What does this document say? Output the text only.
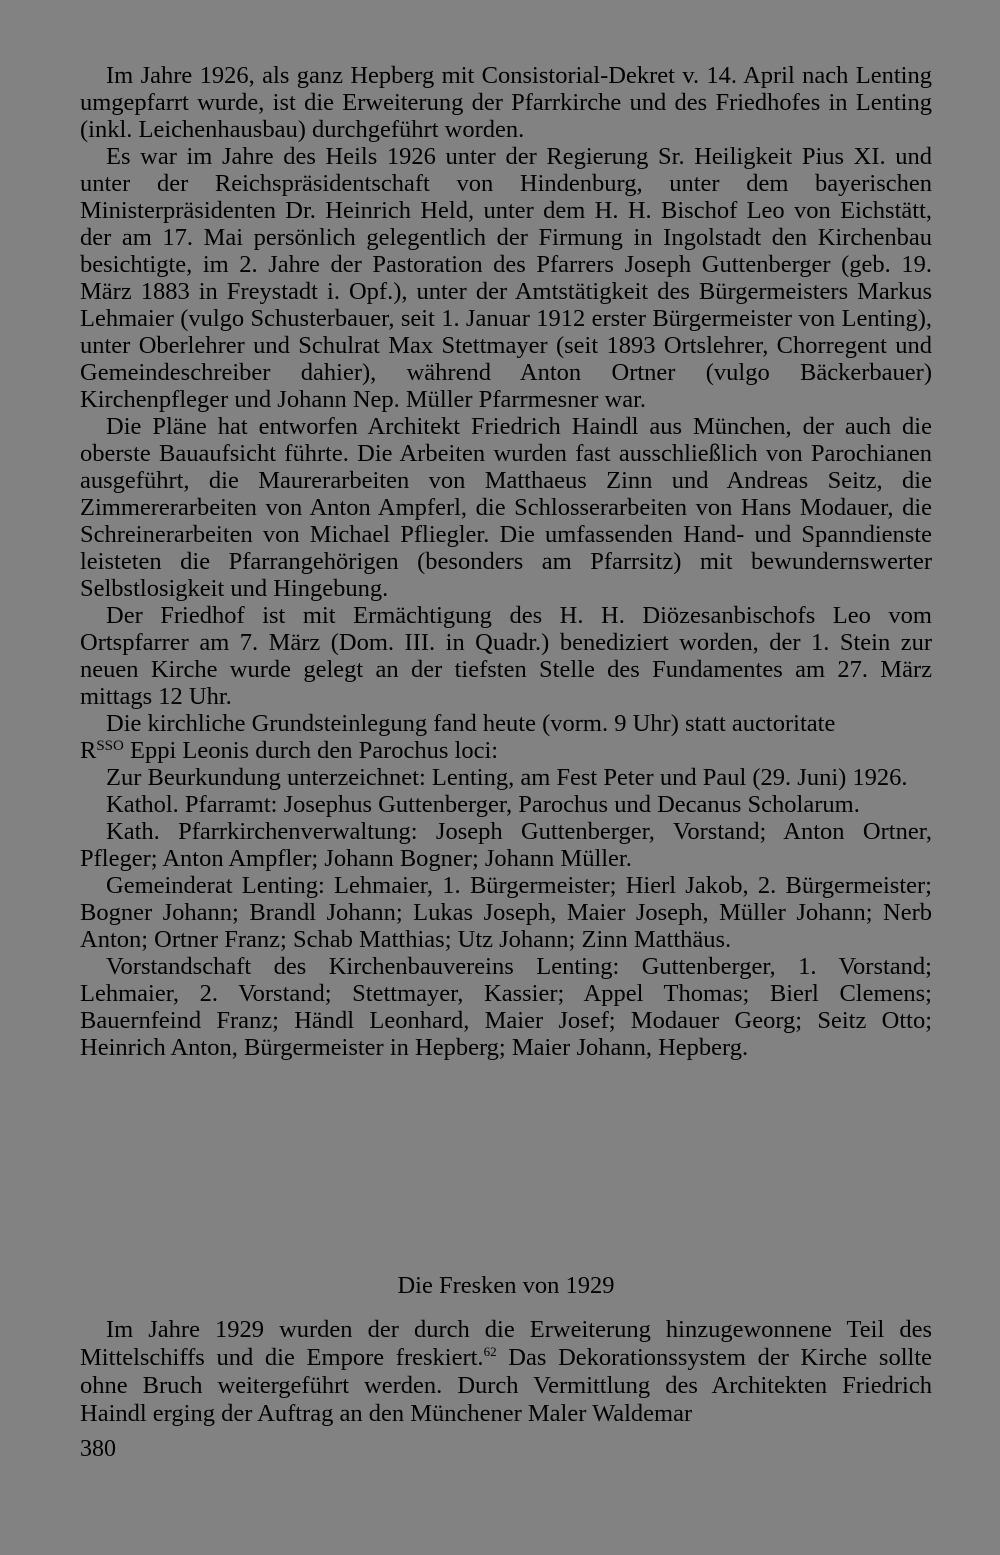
Im Jahre 1926, als ganz Hepberg mit Consistorial-Dekret v. 14. April nach Lenting umgepfarrt wurde, ist die Erweiterung der Pfarrkirche und des Friedhofes in Lenting (inkl. Leichenhausbau) durchgeführt worden.

Es war im Jahre des Heils 1926 unter der Regierung Sr. Heiligkeit Pius XI. und unter der Reichspräsidentschaft von Hindenburg, unter dem bayerischen Ministerpräsidenten Dr. Heinrich Held, unter dem H. H. Bischof Leo von Eichstätt, der am 17. Mai persönlich gelegentlich der Firmung in Ingolstadt den Kirchenbau besichtigte, im 2. Jahre der Pastoration des Pfarrers Joseph Guttenberger (geb. 19. März 1883 in Freystadt i. Opf.), unter der Amtstätigkeit des Bürgermeisters Markus Lehmaier (vulgo Schusterbauer, seit 1. Januar 1912 erster Bürgermeister von Lenting), unter Oberlehrer und Schulrat Max Stettmayer (seit 1893 Ortslehrer, Chorregent und Gemeindeschreiber dahier), während Anton Ortner (vulgo Bäckerbauer) Kirchenpfleger und Johann Nep. Müller Pfarrmesner war.

Die Pläne hat entworfen Architekt Friedrich Haindl aus München, der auch die oberste Bauaufsicht führte. Die Arbeiten wurden fast ausschließlich von Parochianen ausgeführt, die Maurerarbeiten von Matthaeus Zinn und Andreas Seitz, die Zimmererarbeiten von Anton Ampferl, die Schlosserarbeiten von Hans Modauer, die Schreinerarbeiten von Michael Pfliegler. Die umfassenden Hand- und Spanndienste leisteten die Pfarrangehörigen (besonders am Pfarrsitz) mit bewundernswerter Selbstlosigkeit und Hingebung.

Der Friedhof ist mit Ermächtigung des H. H. Diözesanbischofs Leo vom Ortspfarrer am 7. März (Dom. III. in Quadr.) benediziert worden, der 1. Stein zur neuen Kirche wurde gelegt an der tiefsten Stelle des Fundamentes am 27. März mittags 12 Uhr.

Die kirchliche Grundsteinlegung fand heute (vorm. 9 Uhr) statt auctoritate
$R^{SSO}$ Eppi Leonis durch den Parochus loci:

Zur Beurkundung unterzeichnet: Lenting, am Fest Peter und Paul (29. Juni) 1926.

Kathol. Pfarramt: Josephus Guttenberger, Parochus und Decanus Scholarum.

Kath. Pfarrkirchenverwaltung: Joseph Guttenberger, Vorstand; Anton Ortner, Pfleger; Anton Ampfler; Johann Bogner; Johann Müller.

Gemeinderat Lenting: Lehmaier, 1. Bürgermeister; Hierl Jakob, 2. Bürgermeister; Bogner Johann; Brandl Johann; Lukas Joseph, Maier Joseph, Müller Johann; Nerb Anton; Ortner Franz; Schab Matthias; Utz Johann; Zinn Matthäus.

Vorstandschaft des Kirchenbauvereins Lenting: Guttenberger, 1. Vorstand; Lehmaier, 2. Vorstand; Stettmayer, Kassier; Appel Thomas; Bierl Clemens; Bauernfeind Franz; Händl Leonhard, Maier Josef; Modauer Georg; Seitz Otto; Heinrich Anton, Bürgermeister in Hepberg; Maier Johann, Hepberg.

Die Fresken von 1929

Im Jahre 1929 wurden der durch die Erweiterung hinzugewonnene Teil des Mittelschiffs und die Empore freskiert.$^{62}$ Das Dekorationssystem der Kirche sollte ohne Bruch weitergeführt werden. Durch Vermittlung des Architekten Friedrich Haindl erging der Auftrag an den Münchener Maler Waldemar

380
